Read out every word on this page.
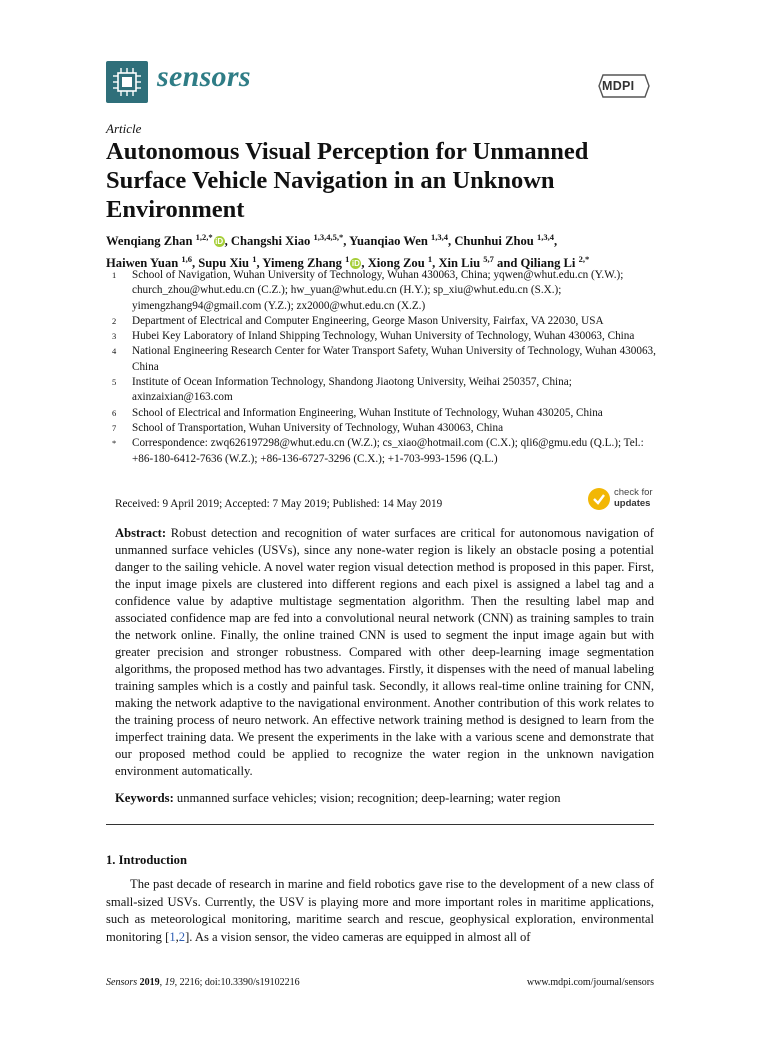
sensors	MDPI
Article
Autonomous Visual Perception for Unmanned Surface Vehicle Navigation in an Unknown Environment
Wenqiang Zhan $^{1,2,*}$ iD , Changshi Xiao $^{1,3,4,5,*}$, Yuanqiao Wen $^{1,3,4}$, Chunhui Zhou $^{1,3,4}$,
Haiwen Yuan $^{1,6}$, Supu Xiu $^1$, Yimeng Zhang $^1$ iD , Xiong Zou $^1$, Xin Liu $^{5,7}$ and Qiliang Li $^{2,*}$
1 School of Navigation, Wuhan University of Technology, Wuhan 430063, China; yqwen@whut.edu.cn (Y.W.); church_zhou@whut.edu.cn (C.Z.); hw_yuan@whut.edu.cn (H.Y.); sp_xiu@whut.edu.cn (S.X.); yimengzhang94@gmail.com (Y.Z.); zx2000@whut.edu.cn (X.Z.)
2 Department of Electrical and Computer Engineering, George Mason University, Fairfax, VA 22030, USA
3 Hubei Key Laboratory of Inland Shipping Technology, Wuhan University of Technology, Wuhan 430063, China
4 National Engineering Research Center for Water Transport Safety, Wuhan University of Technology, Wuhan 430063, China
5 Institute of Ocean Information Technology, Shandong Jiaotong University, Weihai 250357, China; axinzaixian@163.com
6 School of Electrical and Information Engineering, Wuhan Institute of Technology, Wuhan 430205, China
7 School of Transportation, Wuhan University of Technology, Wuhan 430063, China
* Correspondence: zwq626197298@whut.edu.cn (W.Z.); cs_xiao@hotmail.com (C.X.); qli6@gmu.edu (Q.L.); Tel.: +86-180-6412-7636 (W.Z.); +86-136-6727-3296 (C.X.); +1-703-993-1596 (Q.L.)
Received: 9 April 2019; Accepted: 7 May 2019; Published: 14 May 2019
check for
updates
Abstract: Robust detection and recognition of water surfaces are critical for autonomous navigation of unmanned surface vehicles (USVs), since any none-water region is likely an obstacle posing a potential danger to the sailing vehicle. A novel water region visual detection method is proposed in this paper. First, the input image pixels are clustered into different regions and each pixel is assigned a label tag and a confidence value by adaptive multistage segmentation algorithm. Then the resulting label map and associated confidence map are fed into a convolutional neural network (CNN) as training samples to train the network online. Finally, the online trained CNN is used to segment the input image again but with greater precision and stronger robustness. Compared with other deep-learning image segmentation algorithms, the proposed method has two advantages. Firstly, it dispenses with the need of manual labeling training samples which is a costly and painful task. Secondly, it allows real-time online training for CNN, making the network adaptive to the navigational environment. Another contribution of this work relates to the training process of neuro network. An effective network training method is designed to learn from the imperfect training data. We present the experiments in the lake with a various scene and demonstrate that our proposed method could be applied to recognize the water region in the unknown navigation environment automatically.
Keywords: unmanned surface vehicles; vision; recognition; deep-learning; water region
1. Introduction
The past decade of research in marine and field robotics gave rise to the development of a new class of small-sized USVs. Currently, the USV is playing more and more important roles in maritime applications, such as meteorological monitoring, maritime search and rescue, geophysical exploration, environmental monitoring [1,2]. As a vision sensor, the video cameras are equipped in almost all of
Sensors 2019, 19, 2216; doi:10.3390/s19102216	www.mdpi.com/journal/sensors
